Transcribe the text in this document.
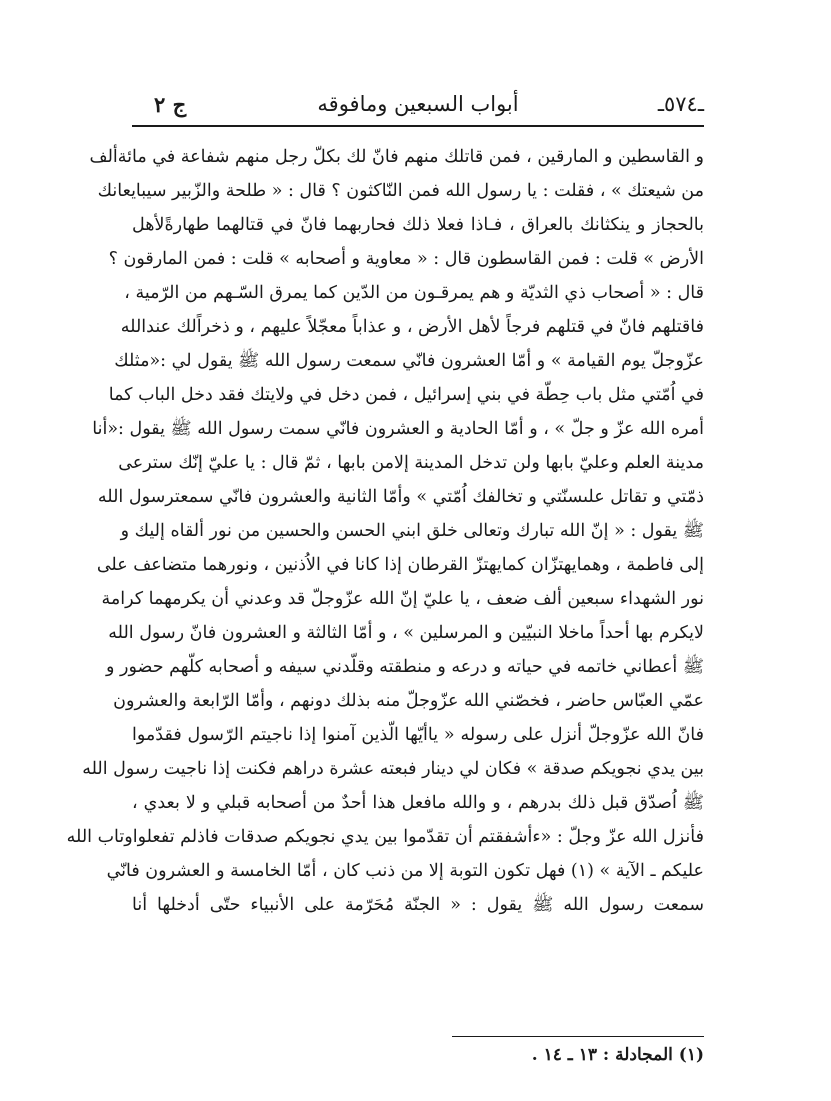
ـ٥٧٤ـ
أبواب السبعين ومافوقه
ج ٢
و القاسطين و المارقين ، فمن قاتلك منهم فانّ لك بكلّ رجل منهم شفاعة في مائةألف
من شيعتك » ، فقلت : يا رسول الله فمن النّاكثون ؟ قال : « طلحة والزّبير سيبايعانك
بالحجاز و ينكثانك بالعراق ، فـاذا فعلا ذلك فحاربهما فانّ في قتالهما طهارةًلأهل
الأرض » قلت : فمن القاسطون قال : « معاوية و أصحابه » قلت : فمن المارقون ؟
قال : « أصحاب ذي الثديّة و هم يمرقـون من الدّين كما يمرق السّـهم من الرّمية ،
فاقتلهم فانّ في قتلهم فرجاً لأهل الأرض ، و عذاباً معجّلاً عليهم ، و ذخراًلك عندالله
عزّوجلّ يوم القيامة » و أمّا العشرون فانّي سمعت رسول الله ﷺ يقول لي :«مثلك
في اُمّتي مثل باب حِطّة في بني إسرائيل ، فمن دخل في ولايتك فقد دخل الباب كما
أمره الله عزّ و جلّ » ، و أمّا الحادية و العشرون فانّي سمت رسول الله ﷺ يقول :«أنا
مدينة العلم وعليّ بابها ولن تدخل المدينة إلامن بابها ، ثمّ قال : يا عليّ إنّك سترعى
ذمّتي و تقاتل علىسنّتي و تخالفك اُمّتي » وأمّا الثانية والعشرون فانّي سمعترسول الله
ﷺ يقول : « إنّ الله تبارك وتعالى خلق ابني الحسن والحسين من نور ألقاه إليك و
إلى فاطمة ، وهمايهتزّان كمايهتزّ القرطان إذا كانا في الاُذنين ، ونورهما متضاعف على
نور الشهداء سبعين ألف ضعف ، يا عليّ إنّ الله عزّوجلّ قد وعدني أن يكرمهما كرامة
لايكرم بها أحداً ماخلا النبيّين و المرسلين » ، و أمّا الثالثة و العشرون فانّ رسول الله
ﷺ أعطاني خاتمه في حياته و درعه و منطقته وقلّدني سيفه و أصحابه كلّهم حضور و
عمّي العبّاس حاضر ، فخصّني الله عزّوجلّ منه بذلك دونهم ، وأمّا الرّابعة والعشرون
فانّ الله عزّوجلّ أنزل على رسوله « ياأيّها الّذين آمنوا إذا ناجيتم الرّسول فقدّموا
بين يدي نجويكم صدقة » فكان لي دينار فبعته عشرة دراهم فكنت إذا ناجيت رسول الله
ﷺ اُصدّق قبل ذلك بدرهم ، و والله مافعل هذا أحدٌ من أصحابه قبلي و لا بعدي ،
فأنزل الله عزّ وجلّ : «ءأشفقتم أن تقدّموا بين يدي نجويكم صدقات فاذلم تفعلواوتاب الله
عليكم ـ الآية » (١) فهل تكون التوبة إلا من ذنب كان ، أمّا الخامسة و العشرون فانّي
سمعت رسول الله ﷺ يقول : « الجنّة مُحَرّمة على الأنبياء حتّى أدخلها أنا
(١) المجادلة : ١٣ ـ ١٤ .
